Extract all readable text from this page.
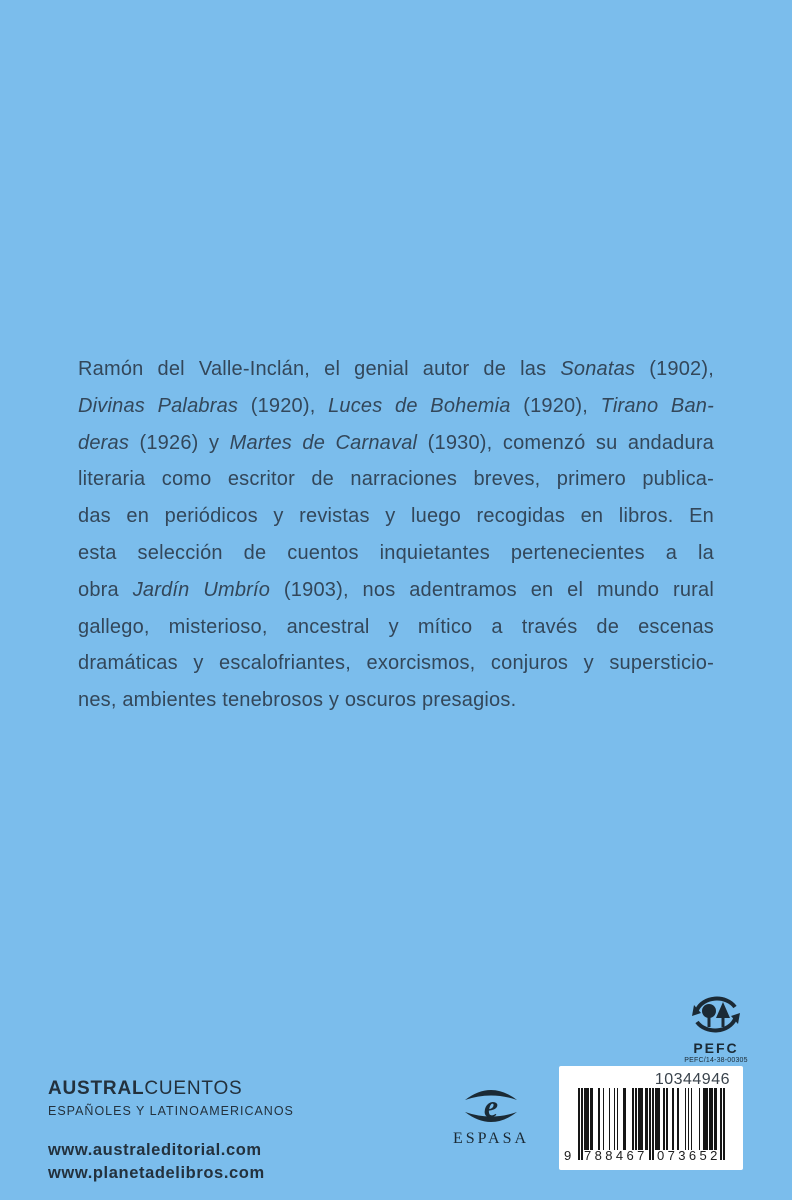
Ramón del Valle-Inclán, el genial autor de las Sonatas (1902),
Divinas Palabras (1920), Luces de Bohemia (1920), Tirano Ban-
deras (1926) y Martes de Carnaval (1930), comenzó su andadura
literaria como escritor de narraciones breves, primero publica-
das en periódicos y revistas y luego recogidas en libros. En
esta selección de cuentos inquietantes pertenecientes a la
obra Jardín Umbrío (1903), nos adentramos en el mundo rural
gallego, misterioso, ancestral y mítico a través de escenas
dramáticas y escalofriantes, exorcismos, conjuros y supersticio-
nes, ambientes tenebrosos y oscuros presagios.
AUSTRALCUENTOS
ESPAÑOLES Y LATINOAMERICANOS
www.australeditorial.com
www.planetadelibros.com
e
ESPASA
PEFC
PEFC/14-38-00305
10344946
9 788467 073652
